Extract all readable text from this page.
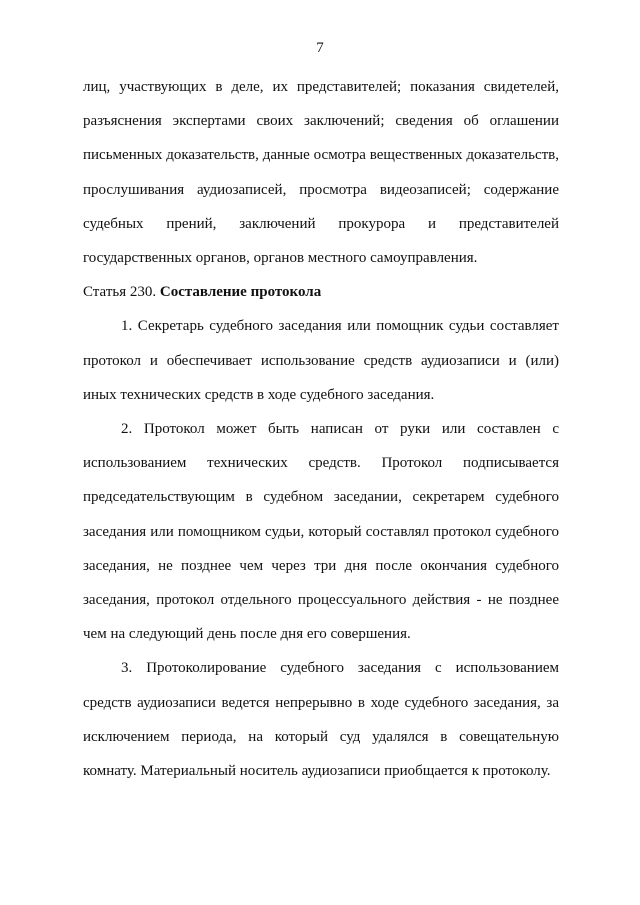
7

лиц, участвующих в деле, их представителей; показания свидетелей, разъяснения экспертами своих заключений; сведения об оглашении письменных доказательств, данные осмотра вещественных доказательств, прослушивания аудиозаписей, просмотра видеозаписей; содержание судебных прений, заключений прокурора и представителей государственных органов, органов местного самоуправления.

Статья 230. Составление протокола

1. Секретарь судебного заседания или помощник судьи составляет протокол и обеспечивает использование средств аудиозаписи и (или) иных технических средств в ходе судебного заседания.

2. Протокол может быть написан от руки или составлен с использованием технических средств. Протокол подписывается председательствующим в судебном заседании, секретарем судебного заседания или помощником судьи, который составлял протокол судебного заседания, не позднее чем через три дня после окончания судебного заседания, протокол отдельного процессуального действия - не позднее чем на следующий день после дня его совершения.

3. Протоколирование судебного заседания с использованием средств аудиозаписи ведется непрерывно в ходе судебного заседания, за исключением периода, на который суд удалялся в совещательную комнату. Материальный носитель аудиозаписи приобщается к протоколу.
